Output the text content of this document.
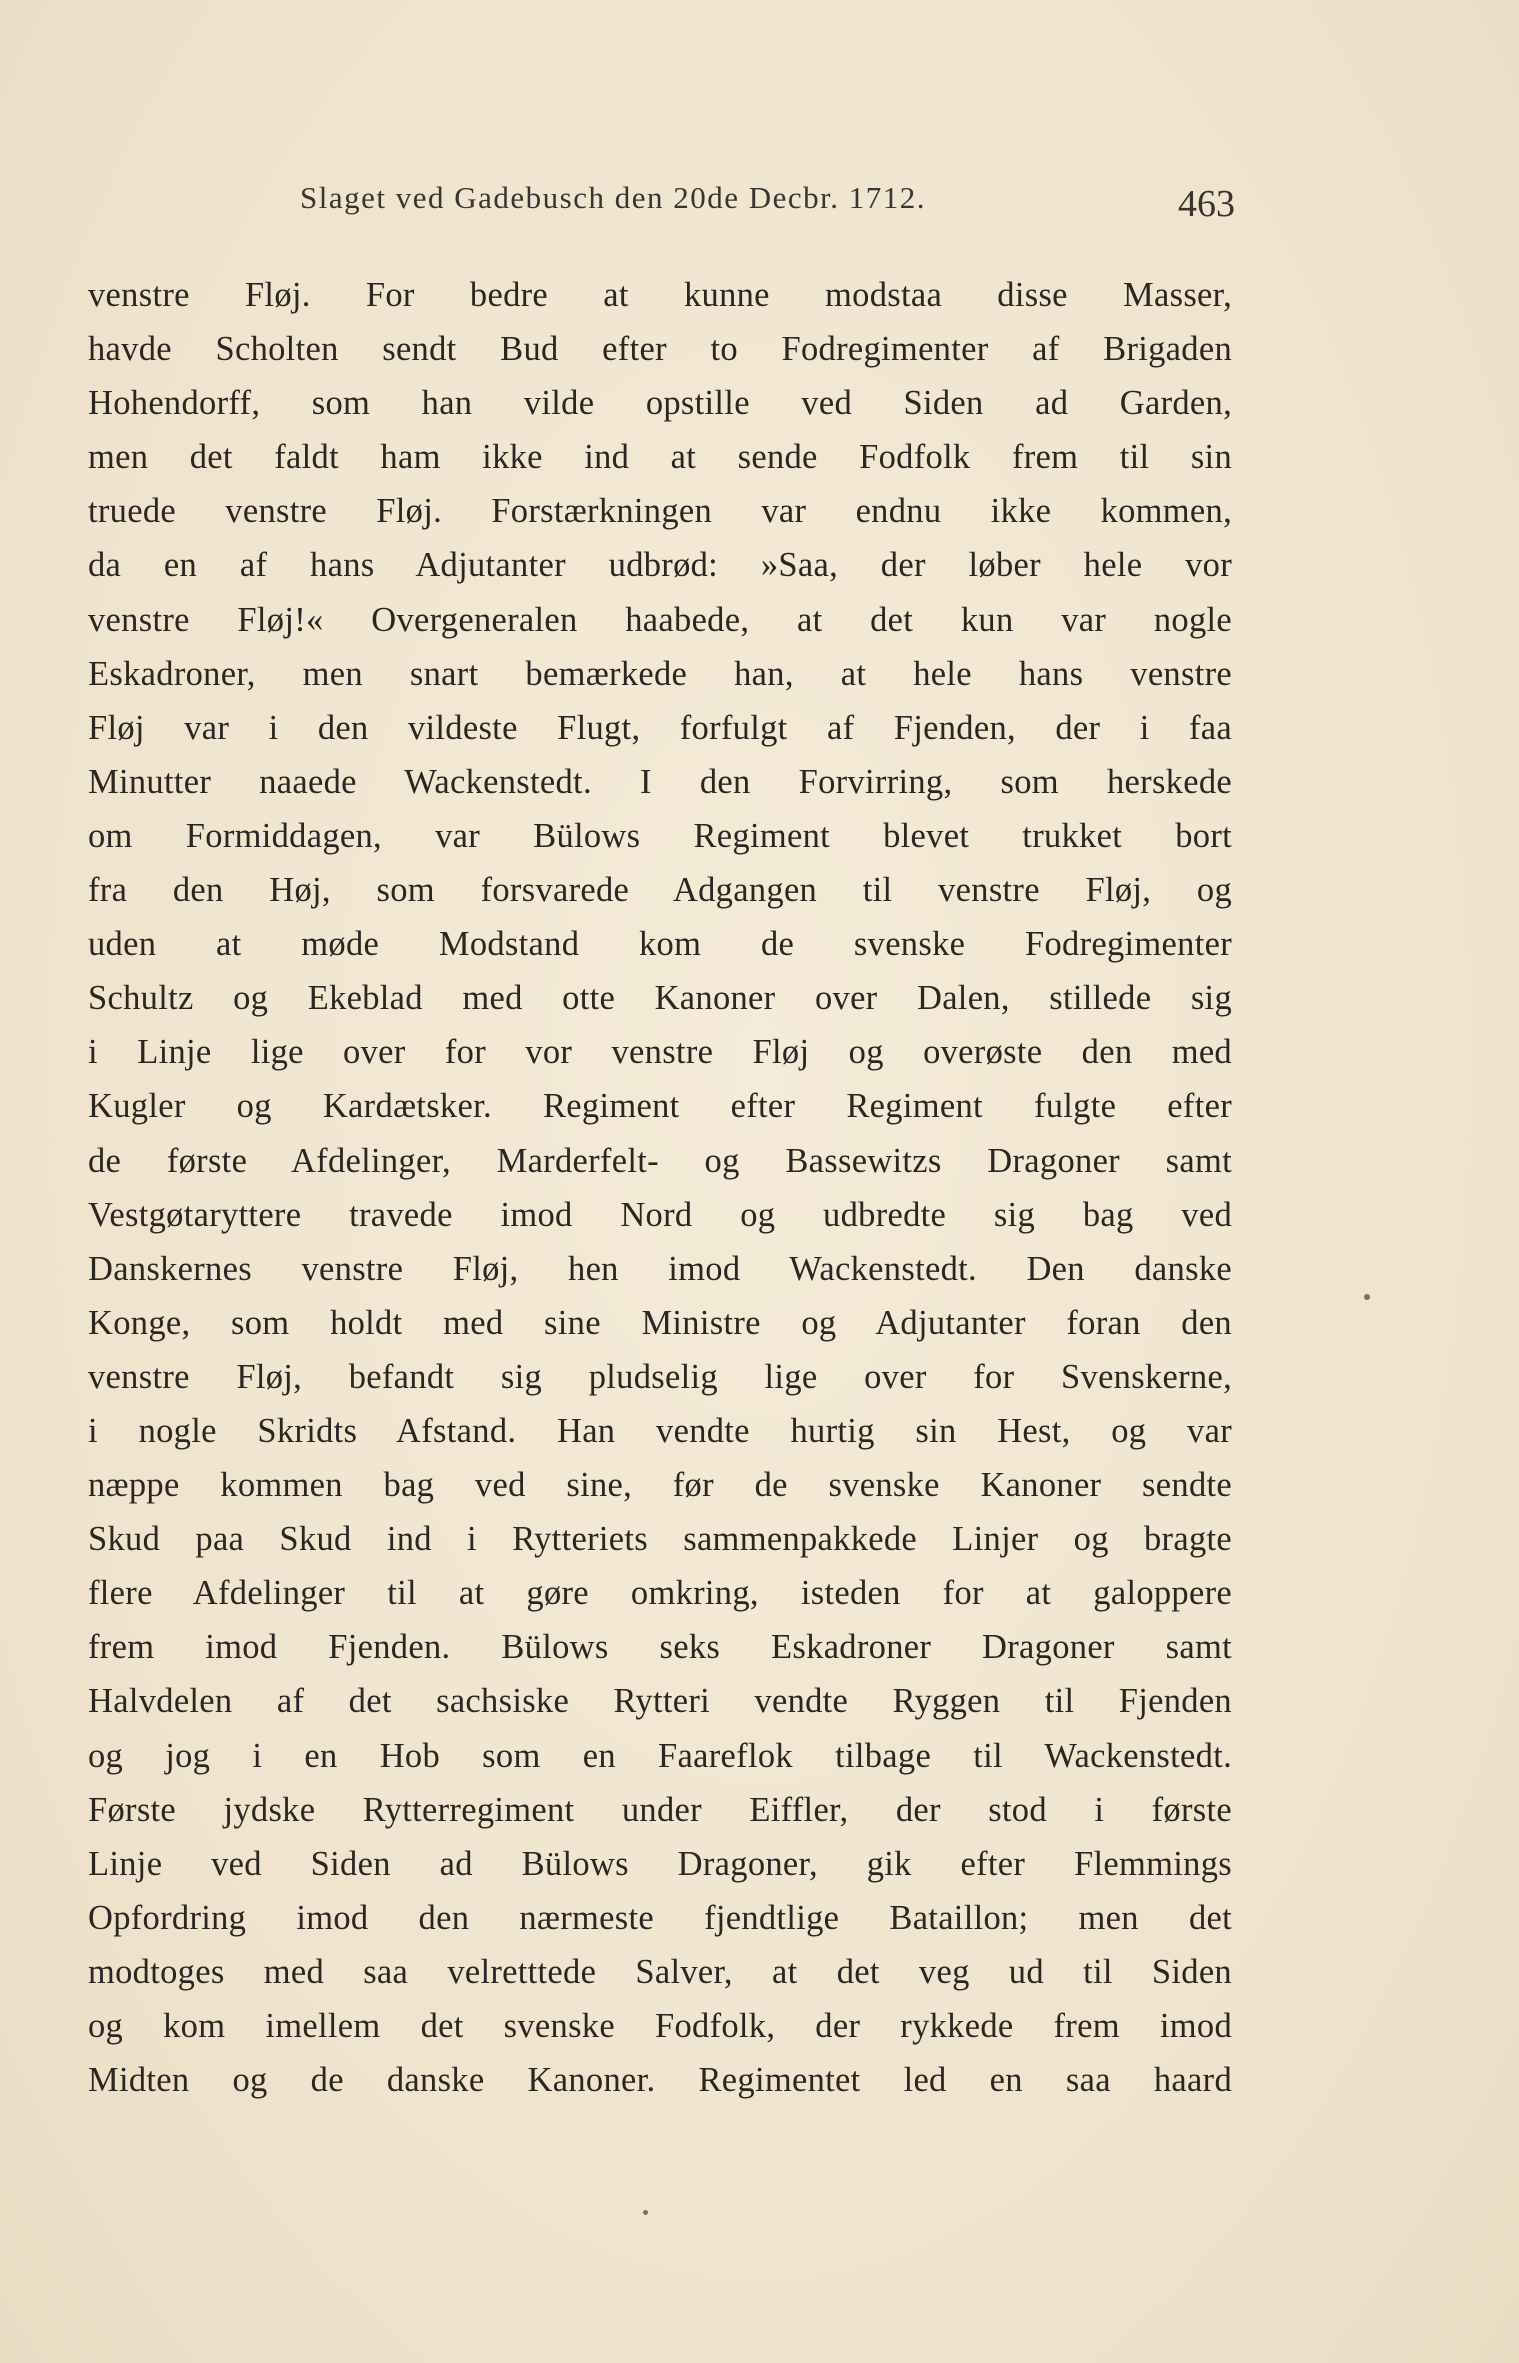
Slaget ved Gadebusch den 20de Decbr. 1712.	463
venstre Fløj. For bedre at kunne modstaa disse Masser,
havde Scholten sendt Bud efter to Fodregimenter af Brigaden
Hohendorff, som han vilde opstille ved Siden ad Garden,
men det faldt ham ikke ind at sende Fodfolk frem til sin
truede venstre Fløj. Forstærkningen var endnu ikke kommen,
da en af hans Adjutanter udbrød: »Saa, der løber hele vor
venstre Fløj!« Overgeneralen haabede, at det kun var nogle
Eskadroner, men snart bemærkede han, at hele hans venstre
Fløj var i den vildeste Flugt, forfulgt af Fjenden, der i faa
Minutter naaede Wackenstedt. I den Forvirring, som herskede
om Formiddagen, var Bülows Regiment blevet trukket bort
fra den Høj, som forsvarede Adgangen til venstre Fløj, og
uden at møde Modstand kom de svenske Fodregimenter
Schultz og Ekeblad med otte Kanoner over Dalen, stillede sig
i Linje lige over for vor venstre Fløj og overøste den med
Kugler og Kardætsker. Regiment efter Regiment fulgte efter
de første Afdelinger, Marderfelt- og Bassewitzs Dragoner samt
Vestgøtaryttere travede imod Nord og udbredte sig bag ved
Danskernes venstre Fløj, hen imod Wackenstedt. Den danske
Konge, som holdt med sine Ministre og Adjutanter foran den
venstre Fløj, befandt sig pludselig lige over for Svenskerne,
i nogle Skridts Afstand. Han vendte hurtig sin Hest, og var
næppe kommen bag ved sine, før de svenske Kanoner sendte
Skud paa Skud ind i Rytteriets sammenpakkede Linjer og bragte
flere Afdelinger til at gøre omkring, isteden for at galoppere
frem imod Fjenden. Bülows seks Eskadroner Dragoner samt
Halvdelen af det sachsiske Rytteri vendte Ryggen til Fjenden
og jog i en Hob som en Faareflok tilbage til Wackenstedt.
Første jydske Rytterregiment under Eiffler, der stod i første
Linje ved Siden ad Bülows Dragoner, gik efter Flemmings
Opfordring imod den nærmeste fjendtlige Bataillon; men det
modtoges med saa velretttede Salver, at det veg ud til Siden
og kom imellem det svenske Fodfolk, der rykkede frem imod
Midten og de danske Kanoner. Regimentet led en saa haard
